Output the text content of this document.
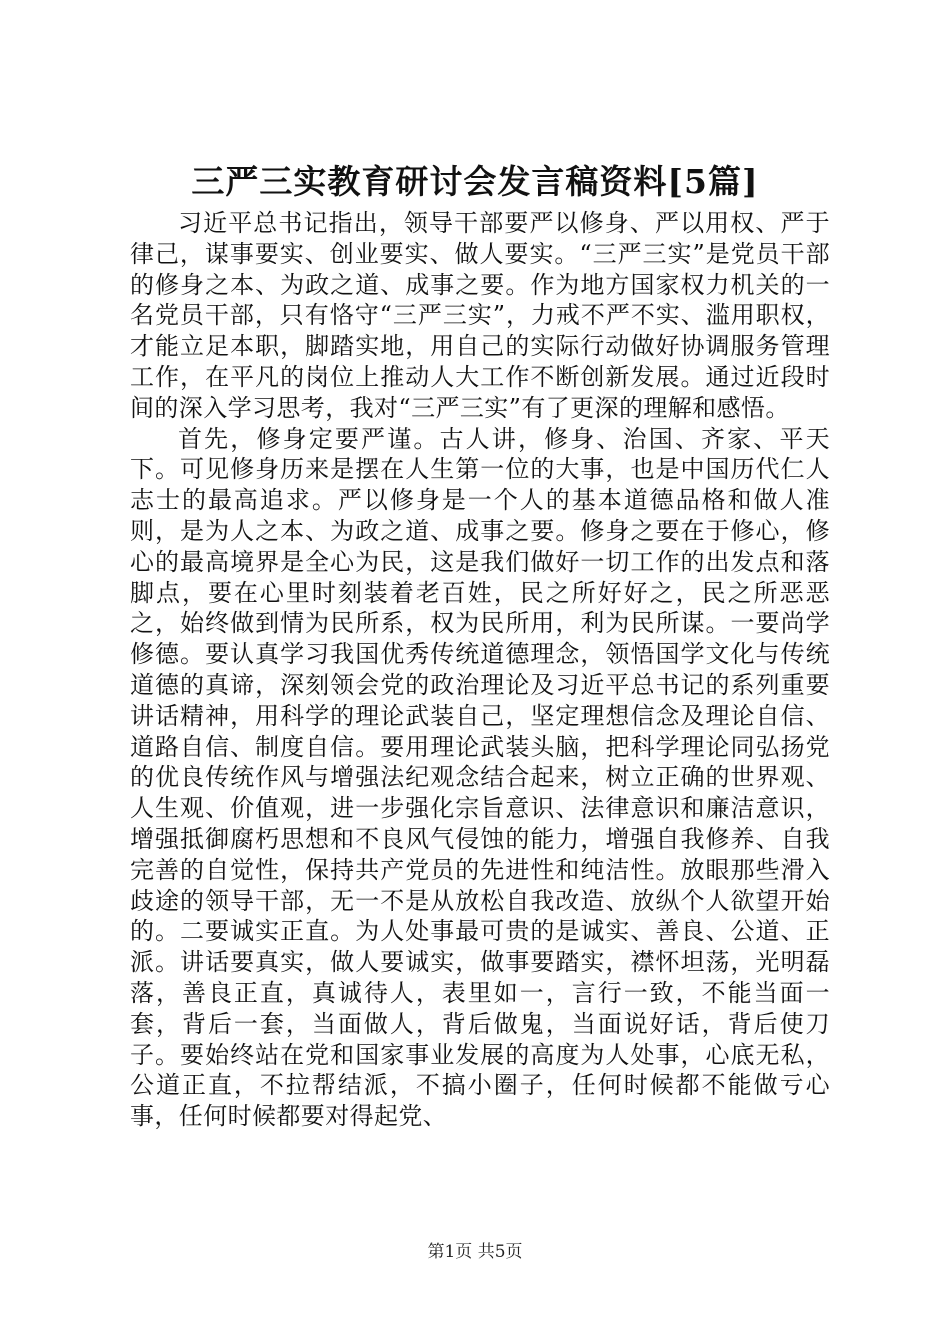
三严三实教育研讨会发言稿资料[5篇]

习近平总书记指出，领导干部要严以修身、严以用权、严于律己，谋事要实、创业要实、做人要实。“三严三实”是党员干部的修身之本、为政之道、成事之要。作为地方国家权力机关的一名党员干部，只有恪守“三严三实”，力戒不严不实、滥用职权，才能立足本职，脚踏实地，用自己的实际行动做好协调服务管理工作，在平凡的岗位上推动人大工作不断创新发展。通过近段时间的深入学习思考，我对“三严三实”有了更深的理解和感悟。

首先，修身定要严谨。古人讲，修身、治国、齐家、平天下。可见修身历来是摆在人生第一位的大事，也是中国历代仁人志士的最高追求。严以修身是一个人的基本道德品格和做人准则，是为人之本、为政之道、成事之要。修身之要在于修心，修心的最高境界是全心为民，这是我们做好一切工作的出发点和落脚点，要在心里时刻装着老百姓，民之所好好之，民之所恶恶之，始终做到情为民所系，权为民所用，利为民所谋。一要尚学修德。要认真学习我国优秀传统道德理念，领悟国学文化与传统道德的真谛，深刻领会党的政治理论及习近平总书记的系列重要讲话精神，用科学的理论武装自己，坚定理想信念及理论自信、道路自信、制度自信。要用理论武装头脑，把科学理论同弘扬党的优良传统作风与增强法纪观念结合起来，树立正确的世界观、人生观、价值观，进一步强化宗旨意识、法律意识和廉洁意识，增强抵御腐朽思想和不良风气侵蚀的能力，增强自我修养、自我完善的自觉性，保持共产党员的先进性和纯洁性。放眼那些滑入歧途的领导干部，无一不是从放松自我改造、放纵个人欲望开始的。二要诚实正直。为人处事最可贵的是诚实、善良、公道、正派。讲话要真实，做人要诚实，做事要踏实，襟怀坦荡，光明磊落，善良正直，真诚待人，表里如一，言行一致，不能当面一套，背后一套，当面做人，背后做鬼，当面说好话，背后使刀子。要始终站在党和国家事业发展的高度为人处事，心底无私，公道正直，不拉帮结派，不搞小圈子，任何时候都不能做亏心事，任何时候都要对得起党、

第1页 共5页
